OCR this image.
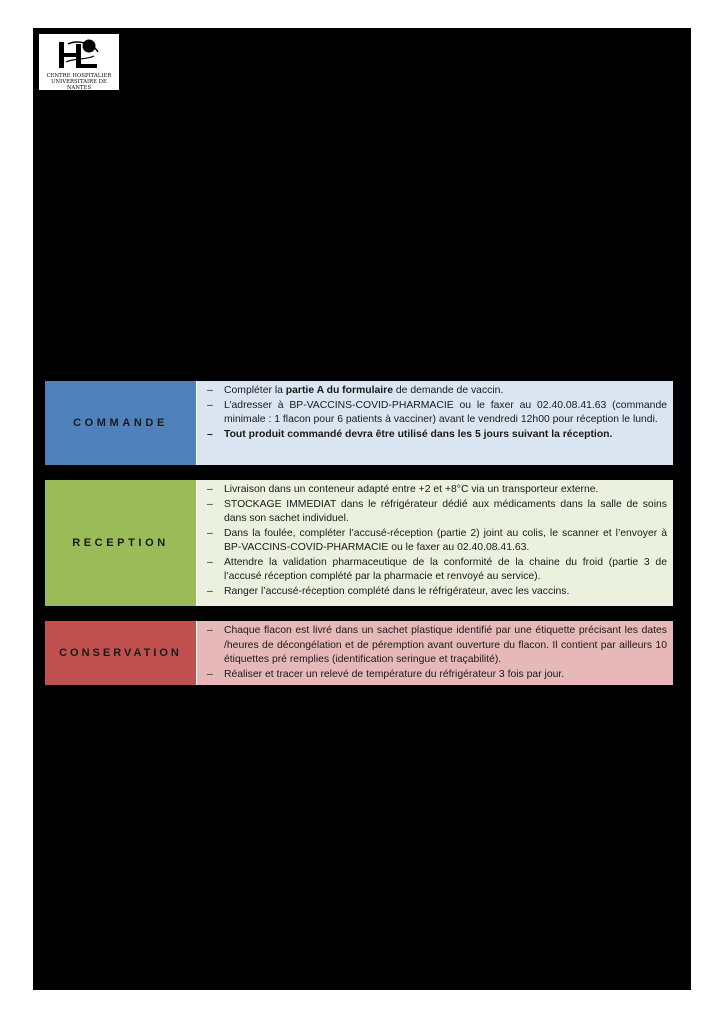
CENTRE HOSPITALIER
UNIVERSITAIRE DE NANTES
COMMANDE
– Compléter la partie A du formulaire de demande de vaccin.
– L’adresser à BP-VACCINS-COVID-PHARMACIE ou le faxer au 02.40.08.41.63 (commande minimale : 1 flacon pour 6 patients à vacciner) avant le vendredi 12h00 pour réception le lundi.
– Tout produit commandé devra être utilisé dans les 5 jours suivant la réception.
RECEPTION
– Livraison dans un conteneur adapté entre +2 et +8°C via un transporteur externe.
– STOCKAGE IMMEDIAT dans le réfrigérateur dédié aux médicaments dans la salle de soins dans son sachet individuel.
– Dans la foulée, compléter l’accusé-réception (partie 2) joint au colis, le scanner et l’envoyer à BP-VACCINS-COVID-PHARMACIE ou le faxer au 02.40.08.41.63.
– Attendre la validation pharmaceutique de la conformité de la chaine du froid (partie 3 de l’accusé réception complété par la pharmacie et renvoyé au service).
– Ranger l’accusé-réception complété dans le réfrigérateur, avec les vaccins.
CONSERVATION
– Chaque flacon est livré dans un sachet plastique identifié par une étiquette précisant les dates /heures de décongélation et de péremption avant ouverture du flacon. Il contient par ailleurs 10 étiquettes pré remplies (identification seringue et traçabilité).
– Réaliser et tracer un relevé de température du réfrigérateur 3 fois par jour.
